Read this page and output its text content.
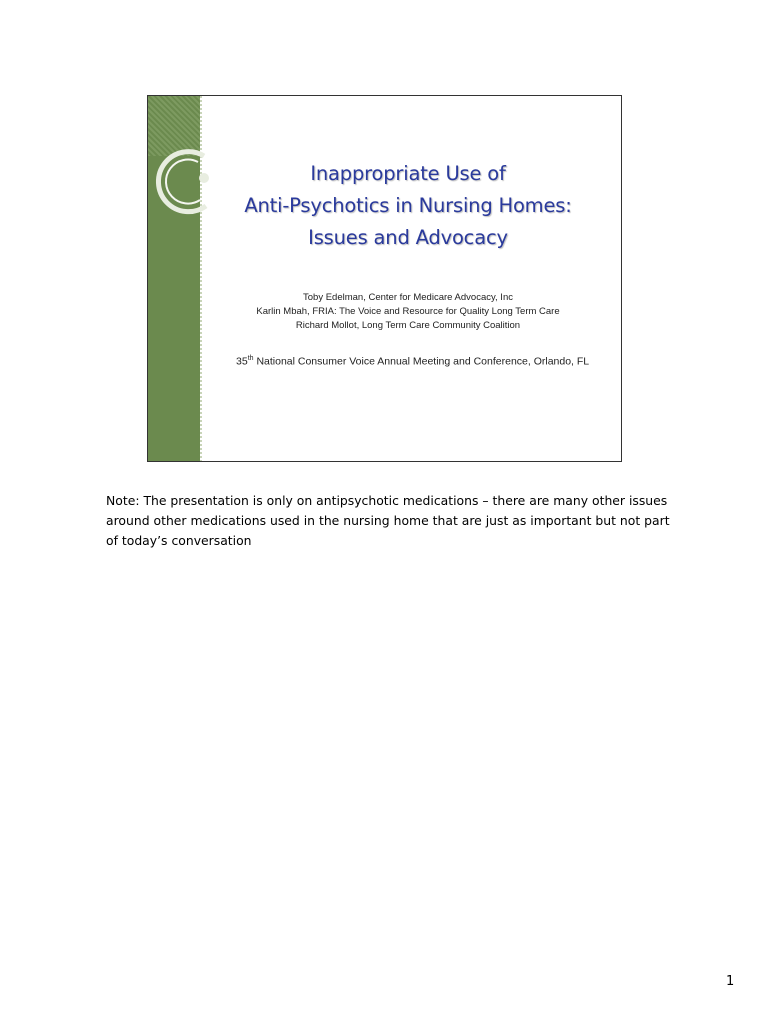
Inappropriate Use of
Anti-Psychotics in Nursing Homes:
Issues and Advocacy
Toby Edelman, Center for Medicare Advocacy, Inc
Karlin Mbah, FRIA: The Voice and Resource for Quality Long Term Care
Richard Mollot, Long Term Care Community Coalition
35th National Consumer Voice Annual Meeting and Conference, Orlando, FL
Note: The presentation is only on antipsychotic medications – there are many other issues around other medications used in the nursing home that are just as important but not part of today’s conversation
1
